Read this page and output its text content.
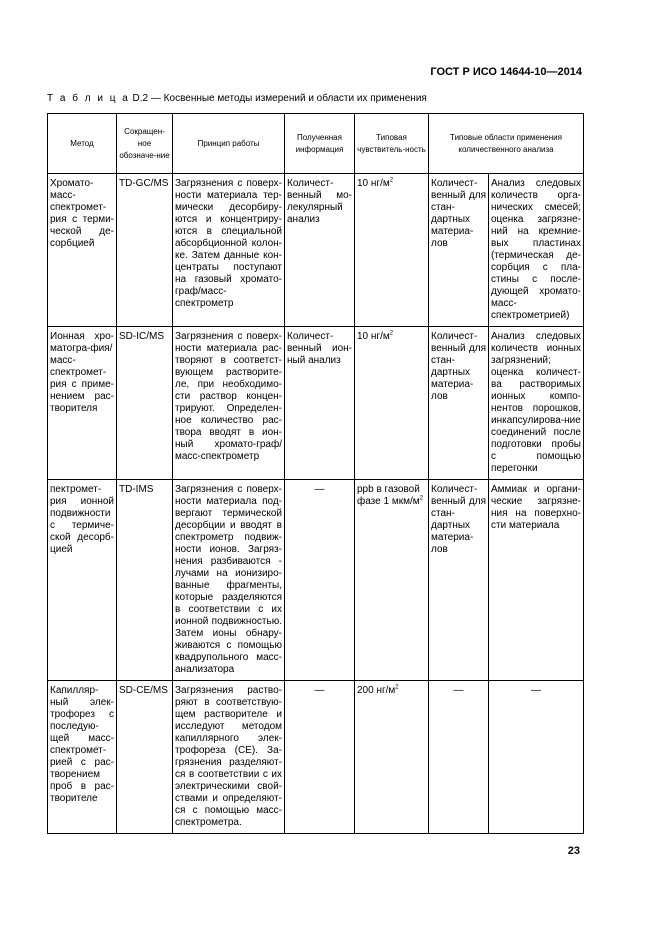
ГОСТ Р ИСО 14644-10—2014
Т а б л и ц а D.2 — Косвенные методы измерений и области их применения
Метод	Сокращен-ное обозначе-ние	Принцип работы	Полученная информация	Типовая чувствитель-ность	Типовые области применения количественного анализа	
Хромато-масс-спектромет-рия с терми-ческой де-сорбцией	TD-GC/MS	Загрязнения с поверх-ности материала тер-мически десорбиру-ются и концентриру-ются в специальной абсорбционной колон-ке. Затем данные кон-центраты поступают на газовый хромато-граф/масс-спектрометр	Количест-венный мо-лекулярный анализ	10 $нг/м^2$	Количест-венный для стан-дартных материа-лов	Анализ следовых количеств орга-нических смесей; оценка загрязне-ний на кремние-вых пластинах (термическая де-сорбция с пла-стины с после-дующей хромато-масс-спектрометрией)
Ионная хро-матогра-фия/масс-спектромет-рия с приме-нением рас-творителя	SD-IC/MS	Загрязнения с поверх-ности материала рас-творяют в соответст-вующем растворите-ле, при необходимо-сти раствор концен-трируют. Определен-ное количество рас-твора вводят в ион-ный хромато-граф/масс-спектрометр	Количест-венный ион-ный анализ	10 $нг/м^2$	Количест-венный для стан-дартных материа-лов	Анализ следовых количеств ионных загрязнений; оценка количест-ва растворимых ионных компо-нентов порошков, инкапсулирова-ние соединений после подготовки пробы с помощью перегонки
пектромет-рия ионной подвижности с термиче-ской десорб-цией	TD-IMS	Загрязнения с поверх-ности материала под-вергают термической десорбции и вводят в спектрометр подвиж-ности ионов. Загряз-нения разбиваются - лучами на ионизиро-ванные фрагменты, которые разделяются в соответствии с их ионной подвижностью. Затем ионы обнару-живаются с помощью квадрупольного масс-анализатора	—	ppb в газовой фазе 1 мкм/$м^2$	Количест-венный для стан-дартных материа-лов	Аммиак и органи-ческие загрязне-ния на поверхно-сти материала
Капилляр-ный элек-трофорез с последую-щей масс-спектромет-рией с рас-творением проб в рас-творителе	SD-CE/MS	Загрязнения раство-ряют в соответствую-щем растворителе и исследуют методом капиллярного элек-трофореза (CE). За-грязнения разделяют-ся в соответствии с их электрическими свой-ствами и определяют-ся с помощью масс-спектрометра.	—	200 $нг/м^2$	—	—
23
